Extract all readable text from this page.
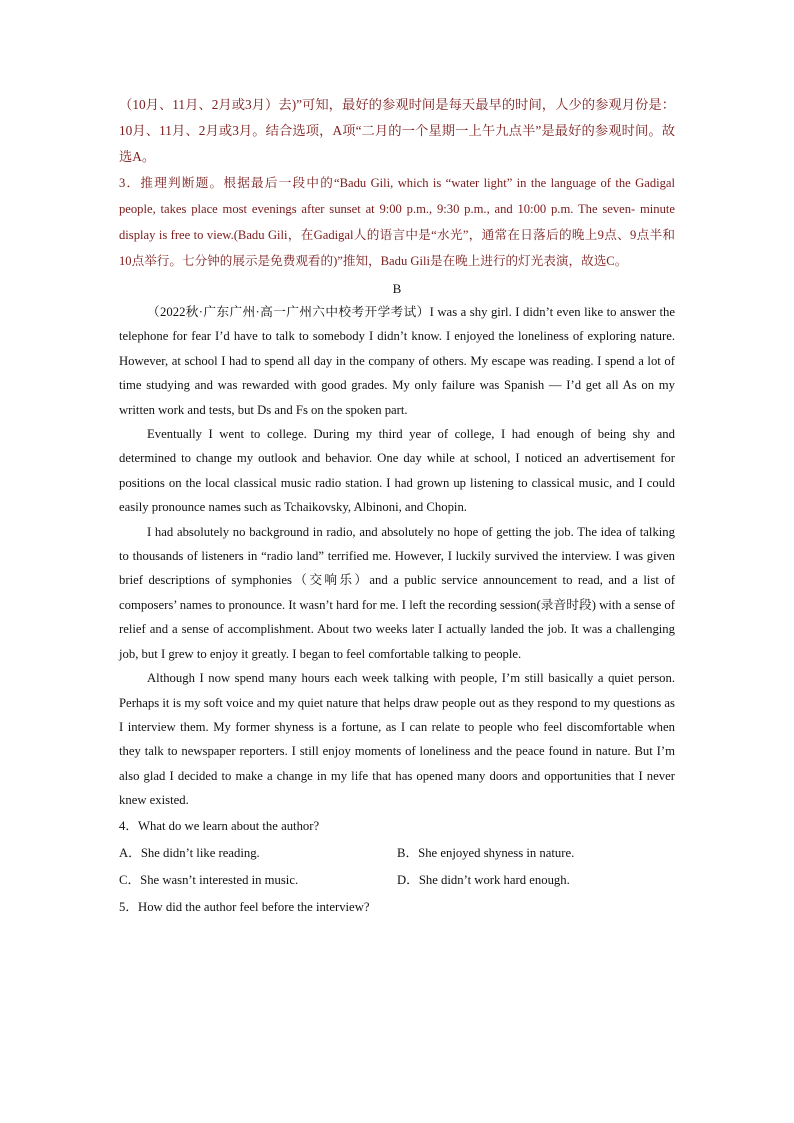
（10月、11月、2月或3月）去)”可知，最好的参观时间是每天最早的时间，人少的参观月份是：10月、11月、2月或3月。结合选项，A项“二月的一个星期一上午九点半”是最好的参观时间。故选A。

3．推理判断题。根据最后一段中的“Badu Gili, which is “water light” in the language of the Gadigal people, takes place most evenings after sunset at 9:00 p.m., 9:30 p.m., and 10:00 p.m. The seven- minute display is free to view.(Badu Gili，在Gadigal人的语言中是“水光”，通常在日落后的晚上9点、9点半和10点举行。七分钟的展示是免费观看的)”推知，Badu Gili是在晚上进行的灯光表演，故选C。

B

（2022秋·广东广州·高一广州六中校考开学考试）I was a shy girl. I didn’t even like to answer the telephone for fear I’d have to talk to somebody I didn’t know. I enjoyed the loneliness of exploring nature. However, at school I had to spend all day in the company of others. My escape was reading. I spend a lot of time studying and was rewarded with good grades. My only failure was Spanish — I’d get all As on my written work and tests, but Ds and Fs on the spoken part.

Eventually I went to college. During my third year of college, I had enough of being shy and determined to change my outlook and behavior. One day while at school, I noticed an advertisement for positions on the local classical music radio station. I had grown up listening to classical music, and I could easily pronounce names such as Tchaikovsky, Albinoni, and Chopin.

I had absolutely no background in radio, and absolutely no hope of getting the job. The idea of talking to thousands of listeners in “radio land” terrified me. However, I luckily survived the interview. I was given brief descriptions of symphonies（交响乐）and a public service announcement to read, and a list of composers’ names to pronounce. It wasn’t hard for me. I left the recording session(录音时段) with a sense of relief and a sense of accomplishment. About two weeks later I actually landed the job. It was a challenging job, but I grew to enjoy it greatly. I began to feel comfortable talking to people.

Although I now spend many hours each week talking with people, I’m still basically a quiet person. Perhaps it is my soft voice and my quiet nature that helps draw people out as they respond to my questions as I interview them. My former shyness is a fortune, as I can relate to people who feel discomfortable when they talk to newspaper reporters. I still enjoy moments of loneliness and the peace found in nature. But I’m also glad I decided to make a change in my life that has opened many doors and opportunities that I never knew existed.

4．What do we learn about the author?

A．She didn’t like reading.	B．She enjoyed shyness in nature.
C．She wasn’t interested in music.	D．She didn’t work hard enough.

5．How did the author feel before the interview?
